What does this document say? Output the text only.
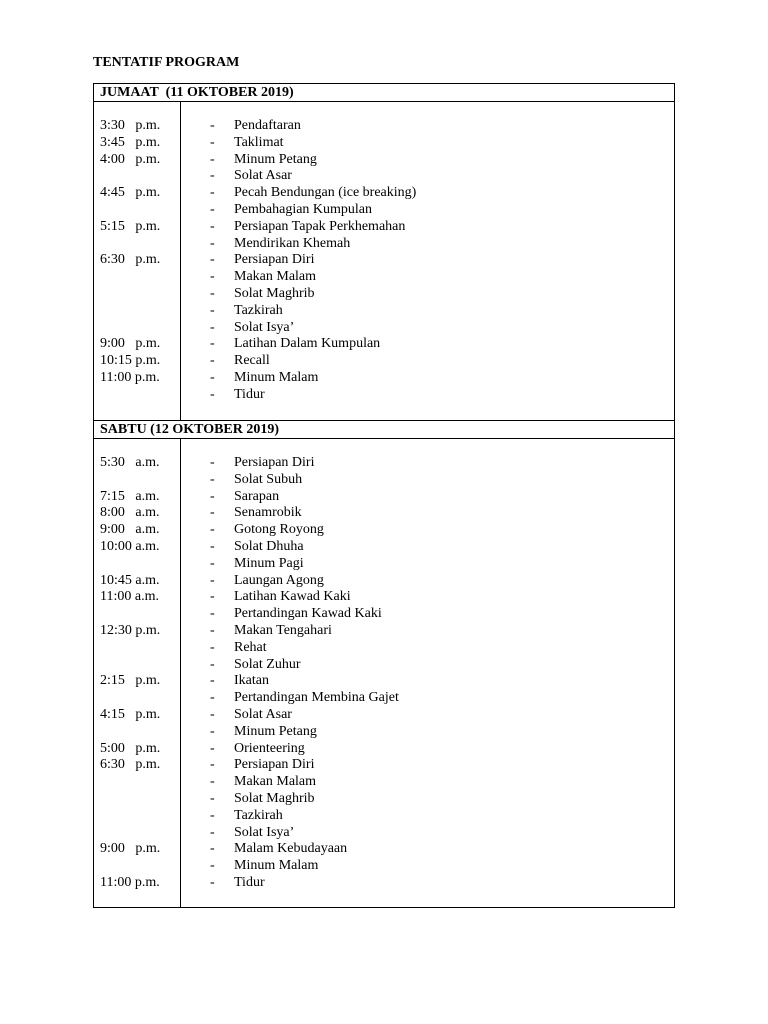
TENTATIF PROGRAM
JUMAAT  (11 OKTOBER 2019)
3:30   p.m.	- Pendaftaran
3:45   p.m.	- Taklimat
4:00   p.m.	- Minum Petang
- Solat Asar
4:45   p.m.	- Pecah Bendungan (ice breaking)
- Pembahagian Kumpulan
5:15   p.m.	- Persiapan Tapak Perkhemahan
- Mendirikan Khemah
6:30   p.m.	- Persiapan Diri
- Makan Malam
- Solat Maghrib
- Tazkirah
- Solat Isya’
9:00   p.m.	- Latihan Dalam Kumpulan
10:15 p.m.	- Recall
11:00 p.m.	- Minum Malam
- Tidur
SABTU (12 OKTOBER 2019)
5:30   a.m.	- Persiapan Diri
- Solat Subuh
7:15   a.m.	- Sarapan
8:00   a.m.	- Senamrobik
9:00   a.m.	- Gotong Royong
10:00 a.m.	- Solat Dhuha
- Minum Pagi
10:45 a.m.	- Laungan Agong
11:00 a.m.	- Latihan Kawad Kaki
- Pertandingan Kawad Kaki
12:30 p.m.	- Makan Tengahari
- Rehat
- Solat Zuhur
2:15   p.m.	- Ikatan
- Pertandingan Membina Gajet
4:15   p.m.	- Solat Asar
- Minum Petang
5:00   p.m.	- Orienteering
6:30   p.m.	- Persiapan Diri
- Makan Malam
- Solat Maghrib
- Tazkirah
- Solat Isya’
9:00   p.m.	- Malam Kebudayaan
- Minum Malam
11:00 p.m.	- Tidur
